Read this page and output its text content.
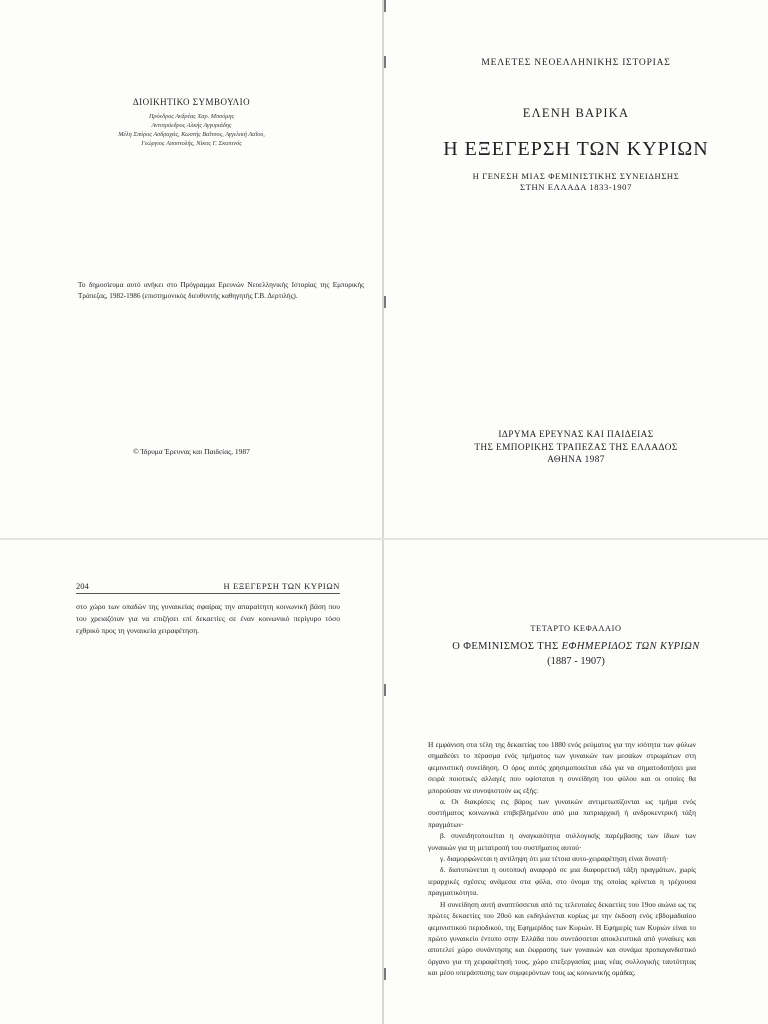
ΔΙΟΙΚΗΤΙΚΟ ΣΥΜΒΟΥΛΙΟ
Πρόεδρος Ανδρέας Χαρ. Μπούμης
Αντιπρόεδρος Αλκής Αγγυριάδης
Μέλη Σπύρος Ασδραχάς, Κωστής Βαΐτσος, Αγγελική Λαΐου,
Γεώργιος Αποστολής, Νίκος Γ. Σκοπινός

Το δημοσίευμα αυτό ανήκει στο Πρόγραμμα Ερευνών Νεοελληνικής Ιστορίας της Εμπορικής Τράπεζας, 1982-1986 (επιστημονικός διευθυντής καθηγητής Γ.Β. Δερτιλής).

© Ίδρυμα Έρευνας και Παιδείας, 1987
ΜΕΛΕΤΕΣ ΝΕΟΕΛΛΗΝΙΚΗΣ ΙΣΤΟΡΙΑΣ
ΕΛΕΝΗ ΒΑΡΙΚΑ
Η ΕΞΕΓΕΡΣΗ ΤΩΝ ΚΥΡΙΩΝ
Η ΓΕΝΕΣΗ ΜΙΑΣ ΦΕΜΙΝΙΣΤΙΚΗΣ ΣΥΝΕΙΔΗΣΗΣ
ΣΤΗΝ ΕΛΛΑΔΑ 1833-1907
ΙΔΡΥΜΑ ΕΡΕΥΝΑΣ ΚΑΙ ΠΑΙΔΕΙΑΣ
ΤΗΣ ΕΜΠΟΡΙΚΗΣ ΤΡΑΠΕΖΑΣ ΤΗΣ ΕΛΛΑΔΟΣ
ΑΘΗΝΑ 1987
204	Η ΕΞΕΓΕΡΣΗ ΤΩΝ ΚΥΡΙΩΝ

στο χώρο των οπαδών της γυναικείας σφαίρας την απαραίτητη κοινωνική βάση που του χρειαζόταν για να επιζήσει επί δεκαετίες σε έναν κοινωνικό περίγυρο τόσο εχθρικό προς τη γυναικεία χειραφέτηση.	ΤΕΤΑΡΤΟ ΚΕΦΑΛΑΙΟ
Ο ΦΕΜΙΝΙΣΜΟΣ ΤΗΣ ΕΦΗΜΕΡΙΔΟΣ ΤΩΝ ΚΥΡΙΩΝ
(1887 - 1907)

Η εμφάνιση στα τέλη της δεκαετίας του 1880 ενός ρεύματος για την ισότητα των φύλων σημαδεύει το πέρασμα ενός τμήματος των γυναικών των μεσαίων στρωμάτων στη φεμινιστική συνείδηση. Ο όρος αυτός χρησιμοποιείται εδώ για να σηματοδοτήσει μια σειρά ποιοτικές αλλαγές που υφίσταται η συνείδηση του φύλου και οι οποίες θα μπορούσαν να συνοψιστούν ως εξής:

α. Οι διακρίσεις εις βάρος των γυναικών αντιμετωπίζονται ως τμήμα ενός συστήματος κοινωνικά επιβεβλημένου από μια πατριαρχική ή ανδροκεντρική τάξη πραγμάτων·

β. συνειδητοποιείται η αναγκαιότητα συλλογικής παρέμβασης των ίδιων των γυναικών για τη μετατροπή του συστήματος αυτού·

γ. διαμορφώνεται η αντίληψη ότι μια τέτοια αυτο-χειραφέτηση είναι δυνατή·

δ. διατυπώνεται η ουτοπική αναφορά σε μια διαφορετική τάξη πραγμάτων, χωρίς ιεραρχικές σχέσεις ανάμεσα στα φύλα, στο όνομα της οποίας κρίνεται η τρέχουσα πραγματικότητα.

Η συνείδηση αυτή αναπτύσσεται από τις τελευταίες δεκαετίες του 19ου αιώνα ως τις πρώτες δεκαετίες του 20ού και εκδηλώνεται κυρίως με την έκδοση ενός εβδομαδιαίου φεμινιστικού περιοδικού, της Εφημερίδος των Κυριών. Η Εφημερίς των Κυριών είναι το πρώτο γυναικείο έντυπο στην Ελλάδα που συντάσσεται αποκλειστικά από γυναίκες και αποτελεί χώρο συνάντησης και έκφρασης των γυναικών και συνάμα προπαγανδιστικό όργανο για τη χειραφέτησή τους, χώρο επεξεργασίας μιας νέας συλλογικής ταυτότητας και μέσο υπεράσπισης των συμφερόντων τους ως κοινωνικής ομάδας.
